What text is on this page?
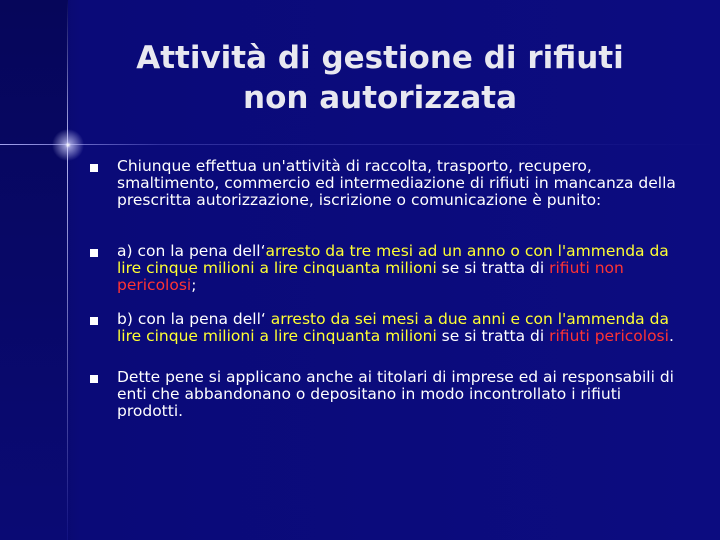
Attività di gestione di rifiuti
non autorizzata
Chiunque effettua un'attività di raccolta, trasporto, recupero, smaltimento, commercio ed intermediazione di rifiuti in mancanza della prescritta autorizzazione, iscrizione o comunicazione è punito:
a) con la pena dell‘arresto da tre mesi ad un anno o con l'ammenda da lire cinque milioni a lire cinquanta milioni se si tratta di rifiuti non pericolosi;
b) con la pena dell‘ arresto da sei mesi a due anni e con l'ammenda da lire cinque milioni a lire cinquanta milioni se si tratta di rifiuti pericolosi.
Dette pene si applicano anche ai titolari di imprese ed ai responsabili di enti che abbandonano o depositano in modo incontrollato i rifiuti prodotti.
